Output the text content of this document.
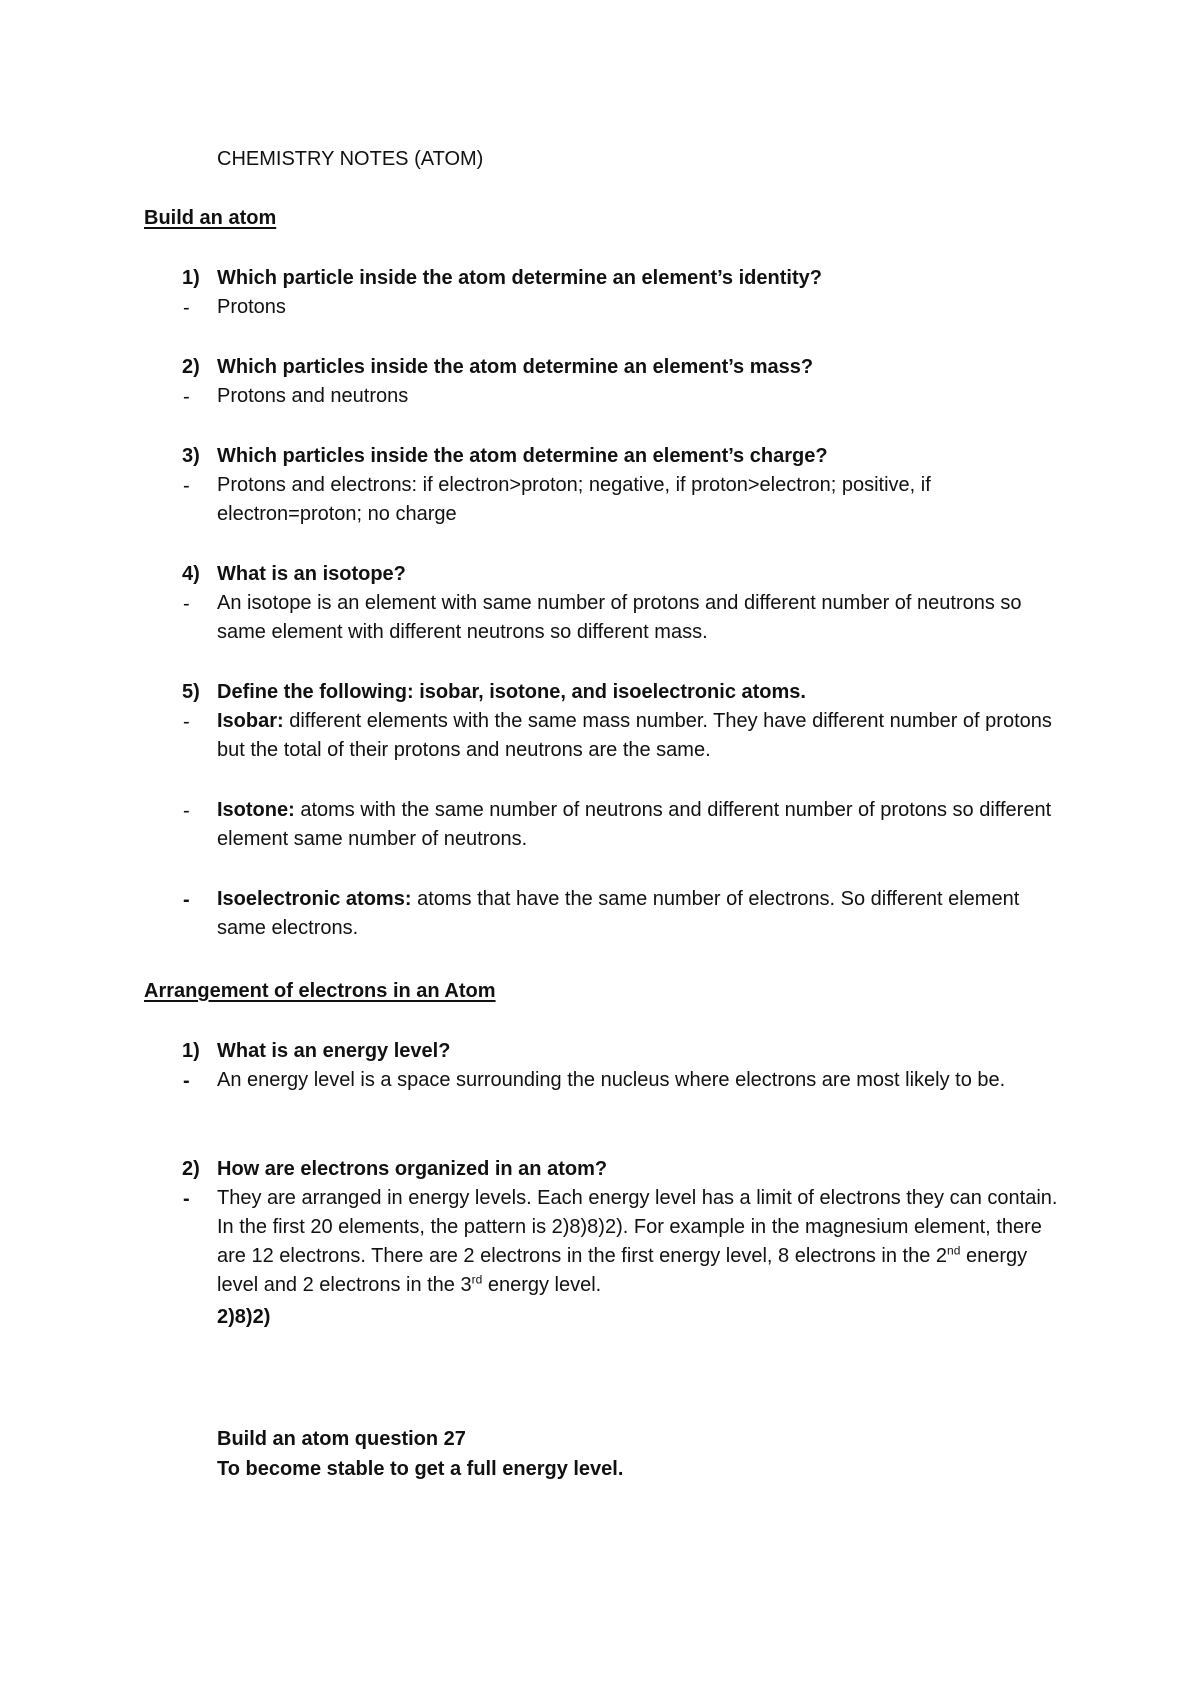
CHEMISTRY NOTES (ATOM)
Build an atom
1) Which particle inside the atom determine an element’s identity?
- Protons
2) Which particles inside the atom determine an element’s mass?
- Protons and neutrons
3) Which particles inside the atom determine an element’s charge?
- Protons and electrons: if electron>proton; negative, if proton>electron; positive, if electron=proton; no charge
4) What is an isotope?
- An isotope is an element with same number of protons and different number of neutrons so same element with different neutrons so different mass.
5) Define the following: isobar, isotone, and isoelectronic atoms.
- Isobar: different elements with the same mass number. They have different number of protons but the total of their protons and neutrons are the same.
- Isotone: atoms with the same number of neutrons and different number of protons so different element same number of neutrons.
- Isoelectronic atoms: atoms that have the same number of electrons. So different element same electrons.
Arrangement of electrons in an Atom
1) What is an energy level?
- An energy level is a space surrounding the nucleus where electrons are most likely to be.
2) How are electrons organized in an atom?
- They are arranged in energy levels. Each energy level has a limit of electrons they can contain. In the first 20 elements, the pattern is 2)8)8)2). For example in the magnesium element, there are 12 electrons. There are 2 electrons in the first energy level, 8 electrons in the 2nd energy level and 2 electrons in the 3rd energy level.
2)8)2)
Build an atom question 27
To become stable to get a full energy level.
